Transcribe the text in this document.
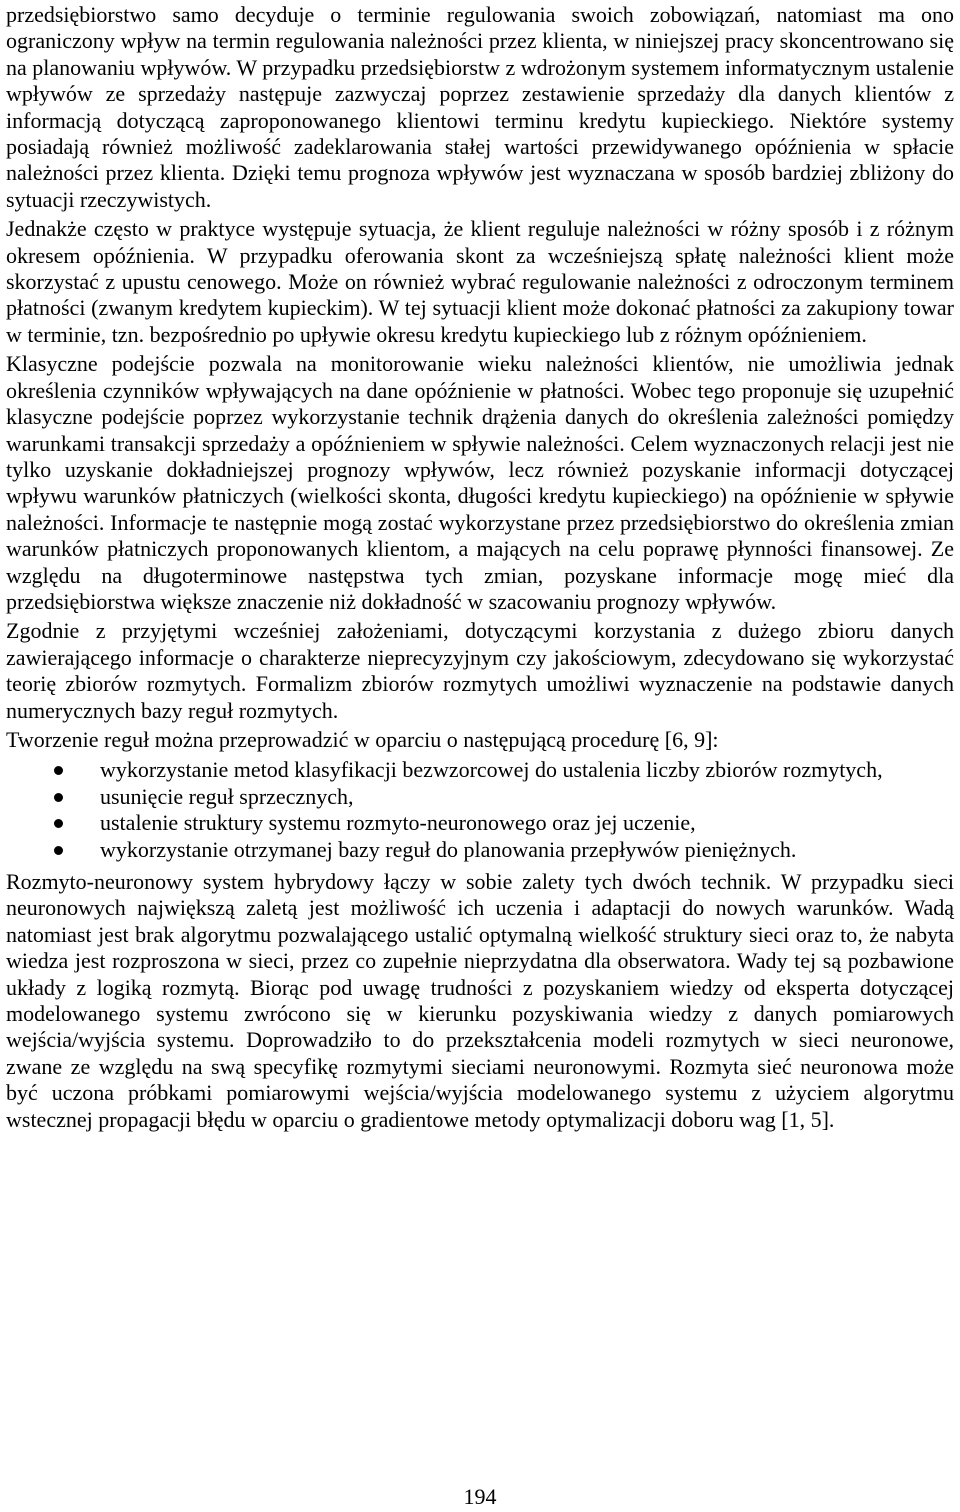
przedsiębiorstwo samo decyduje o terminie regulowania swoich zobowiązań, natomiast ma ono ograniczony wpływ na termin regulowania należności przez klienta, w niniejszej pracy skoncentrowano się na planowaniu wpływów. W przypadku przedsiębiorstw z wdrożonym systemem informatycznym ustalenie wpływów ze sprzedaży następuje zazwyczaj poprzez zestawienie sprzedaży dla danych klientów z informacją dotyczącą zaproponowanego klientowi terminu kredytu kupieckiego. Niektóre systemy posiadają również możliwość zadeklarowania stałej wartości przewidywanego opóźnienia w spłacie należności przez klienta. Dzięki temu prognoza wpływów jest wyznaczana w sposób bardziej zbliżony do sytuacji rzeczywistych.

Jednakże często w praktyce występuje sytuacja, że klient reguluje należności w różny sposób i z różnym okresem opóźnienia. W przypadku oferowania skont za wcześniejszą spłatę należności klient może skorzystać z upustu cenowego. Może on również wybrać regulowanie należności z odroczonym terminem płatności (zwanym kredytem kupieckim). W tej sytuacji klient może dokonać płatności za zakupiony towar w terminie, tzn. bezpośrednio po upływie okresu kredytu kupieckiego lub z różnym opóźnieniem.

Klasyczne podejście pozwala na monitorowanie wieku należności klientów, nie umożliwia jednak określenia czynników wpływających na dane opóźnienie w płatności. Wobec tego proponuje się uzupełnić klasyczne podejście poprzez wykorzystanie technik drążenia danych do określenia zależności pomiędzy warunkami transakcji sprzedaży a opóźnieniem w spływie należności. Celem wyznaczonych relacji jest nie tylko uzyskanie dokładniejszej prognozy wpływów, lecz również pozyskanie informacji dotyczącej wpływu warunków płatniczych (wielkości skonta, długości kredytu kupieckiego) na opóźnienie w spływie należności. Informacje te następnie mogą zostać wykorzystane przez przedsiębiorstwo do określenia zmian warunków płatniczych proponowanych klientom, a mających na celu poprawę płynności finansowej. Ze względu na długoterminowe następstwa tych zmian, pozyskane informacje mogę mieć dla przedsiębiorstwa większe znaczenie niż dokładność w szacowaniu prognozy wpływów.

Zgodnie z przyjętymi wcześniej założeniami, dotyczącymi korzystania z dużego zbioru danych zawierającego informacje o charakterze nieprecyzyjnym czy jakościowym, zdecydowano się wykorzystać teorię zbiorów rozmytych. Formalizm zbiorów rozmytych umożliwi wyznaczenie na podstawie danych numerycznych bazy reguł rozmytych.

Tworzenie reguł można przeprowadzić w oparciu o następującą procedurę [6, 9]:

wykorzystanie metod klasyfikacji bezwzorcowej do ustalenia liczby zbiorów rozmytych,
usunięcie reguł sprzecznych,
ustalenie struktury systemu rozmyto-neuronowego oraz jej uczenie,
wykorzystanie otrzymanej bazy reguł do planowania przepływów pieniężnych.

Rozmyto-neuronowy system hybrydowy łączy w sobie zalety tych dwóch technik. W przypadku sieci neuronowych największą zaletą jest możliwość ich uczenia i adaptacji do nowych warunków. Wadą natomiast jest brak algorytmu pozwalającego ustalić optymalną wielkość struktury sieci oraz to, że nabyta wiedza jest rozproszona w sieci, przez co zupełnie nieprzydatna dla obserwatora. Wady tej są pozbawione układy z logiką rozmytą. Biorąc pod uwagę trudności z pozyskaniem wiedzy od eksperta dotyczącej modelowanego systemu zwrócono się w kierunku pozyskiwania wiedzy z danych pomiarowych wejścia/wyjścia systemu. Doprowadziło to do przekształcenia modeli rozmytych w sieci neuronowe, zwane ze względu na swą specyfikę rozmytymi sieciami neuronowymi. Rozmyta sieć neuronowa może być uczona próbkami pomiarowymi wejścia/wyjścia modelowanego systemu z użyciem algorytmu wstecznej propagacji błędu w oparciu o gradientowe metody optymalizacji doboru wag [1, 5].

194
